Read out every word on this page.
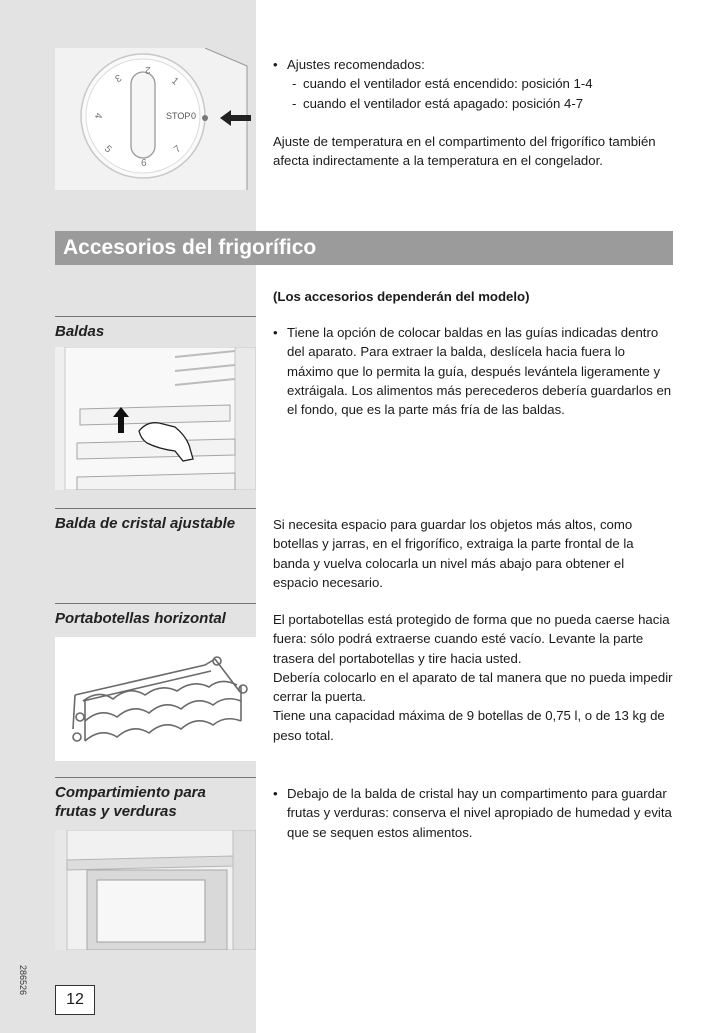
1
2
3
4
5
6
7
STOP 0
• Ajustes recomendados:
- cuando el ventilador está encendido: posición 1-4
- cuando el ventilador está apagado: posición 4-7
Ajuste de temperatura en el compartimento del frigorífico también afecta indirectamente a la temperatura en el congelador.
Accesorios del frigorífico
(Los accesorios dependerán del modelo)
Baldas	• Tiene la opción de colocar baldas en las guías indicadas dentro del aparato. Para extraer la balda, deslícela hacia fuera lo máximo que lo permita la guía, después levántela ligeramente y extráigala. Los alimentos más perecederos debería guardarlos en el fondo, que es la parte más fría de las baldas.
Balda de cristal ajustable	Si necesita espacio para guardar los objetos más altos, como botellas y jarras, en el frigorífico, extraiga la parte frontal de la banda y vuelva colocarla un nivel más abajo para obtener el espacio necesario.
Portabotellas horizontal	El portabotellas está protegido de forma que no pueda caerse hacia fuera: sólo podrá extraerse cuando esté vacío. Levante la parte trasera del portabotellas y tire hacia usted.
Debería colocarlo en el aparato de tal manera que no pueda impedir cerrar la puerta.
Tiene una capacidad máxima de 9 botellas de 0,75 l, o de 13 kg de peso total.
Compartimiento para
frutas y verduras
• Debajo de la balda de cristal hay un compartimento para guardar frutas y verduras: conserva el nivel apropiado de humedad y evita que se sequen estos alimentos.
286526
12
